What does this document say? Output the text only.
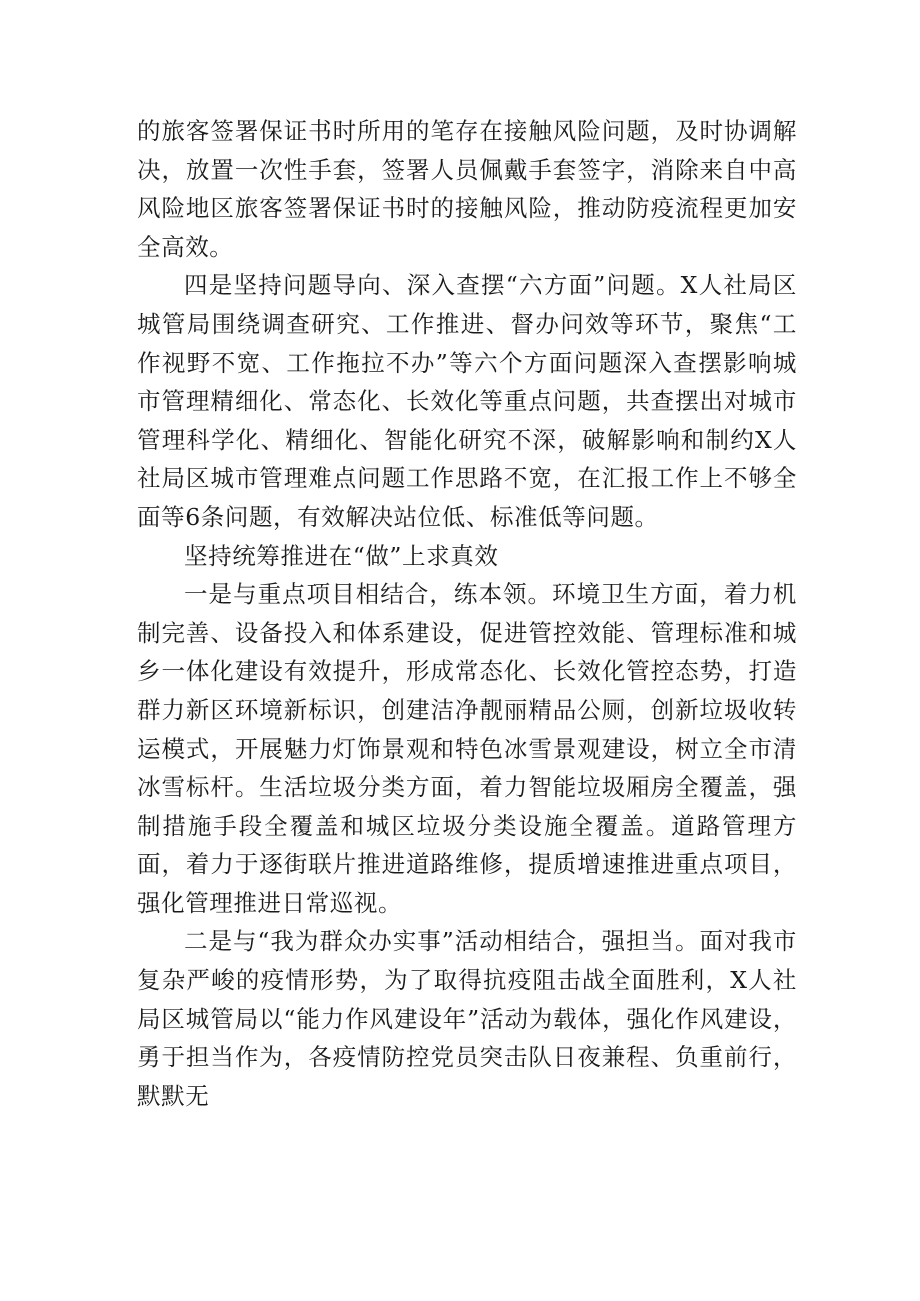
的旅客签署保证书时所用的笔存在接触风险问题，及时协调解决，放置一次性手套，签署人员佩戴手套签字，消除来自中高风险地区旅客签署保证书时的接触风险，推动防疫流程更加安全高效。

四是坚持问题导向、深入查摆“六方面”问题。X人社局区城管局围绕调查研究、工作推进、督办问效等环节，聚焦“工作视野不宽、工作拖拉不办”等六个方面问题深入查摆影响城市管理精细化、常态化、长效化等重点问题，共查摆出对城市管理科学化、精细化、智能化研究不深，破解影响和制约X人社局区城市管理难点问题工作思路不宽，在汇报工作上不够全面等6条问题，有效解决站位低、标准低等问题。

坚持统筹推进在“做”上求真效

一是与重点项目相结合，练本领。环境卫生方面，着力机制完善、设备投入和体系建设，促进管控效能、管理标准和城乡一体化建设有效提升，形成常态化、长效化管控态势，打造群力新区环境新标识，创建洁净靓丽精品公厕，创新垃圾收转运模式，开展魅力灯饰景观和特色冰雪景观建设，树立全市清冰雪标杆。生活垃圾分类方面，着力智能垃圾厢房全覆盖，强制措施手段全覆盖和城区垃圾分类设施全覆盖。道路管理方面，着力于逐街联片推进道路维修，提质增速推进重点项目，强化管理推进日常巡视。

二是与“我为群众办实事”活动相结合，强担当。面对我市复杂严峻的疫情形势，为了取得抗疫阻击战全面胜利，X人社局区城管局以“能力作风建设年”活动为载体，强化作风建设，勇于担当作为，各疫情防控党员突击队日夜兼程、负重前行，默默无
